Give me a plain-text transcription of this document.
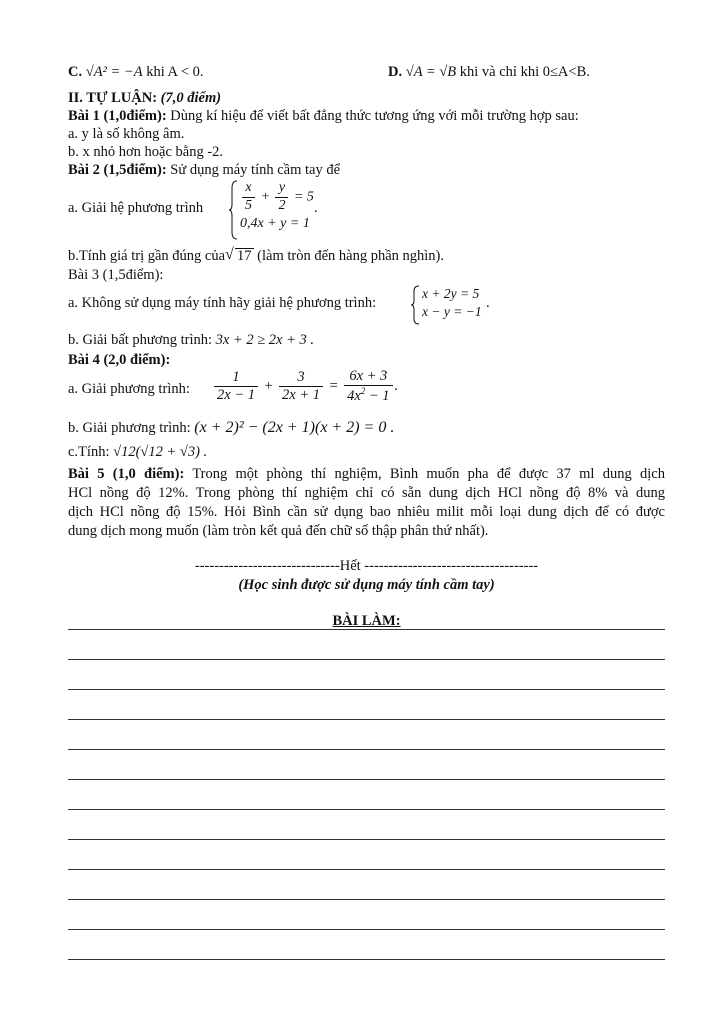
C. √A² = −A khi A < 0.	D. √A = √B khi và chỉ khi 0≤A<B.
II. TỰ LUẬN: (7,0 điểm)
Bài 1 (1,0điểm): Dùng kí hiệu để viết bất đẳng thức tương ứng với mỗi trường hợp sau:
a. y là số không âm.
b. x nhỏ hơn hoặc bằng -2.
Bài 2 (1,5điểm): Sử dụng máy tính cầm tay để
a. Giải hệ phương trình	$\frac{x}{5} + \frac{y}{2} = 5$
0,4x + y = 1
.
b.Tính giá trị gần đúng của √ 17 (làm tròn đến hàng phần nghìn).
Bài 3 (1,5điểm):
a. Không sử dụng máy tính hãy giải hệ phương trình:
x + 2y = 5
x − y = −1
.
b. Giải bất phương trình: 3x + 2 ≥ 2x + 3 .
Bài 4 (2,0 điểm):
a. Giải phương trình:	$\frac{1}{2x - 1} + \frac{3}{2x + 1} = \frac{6x + 3}{4x^2 - 1}$ .
b. Giải phương trình: (x + 2)² − (2x + 1)(x + 2) = 0 .
c.Tính: √12(√12 + √3) .
Bài 5 (1,0 điểm): Trong một phòng thí nghiệm, Bình muốn pha để được 37 ml dung dịch
HCl nồng độ 12%. Trong phòng thí nghiệm chỉ có sẵn dung dịch HCl nồng độ 8% và dung
dịch HCl nồng độ 15%. Hỏi Bình cần sử dụng bao nhiêu milit mỗi loại dung dịch để có được
dung dịch mong muốn (làm tròn kết quả đến chữ số thập phân thứ nhất).
------------------------------Hết ------------------------------------
(Học sinh được sử dụng máy tính cầm tay)
BÀI LÀM:
